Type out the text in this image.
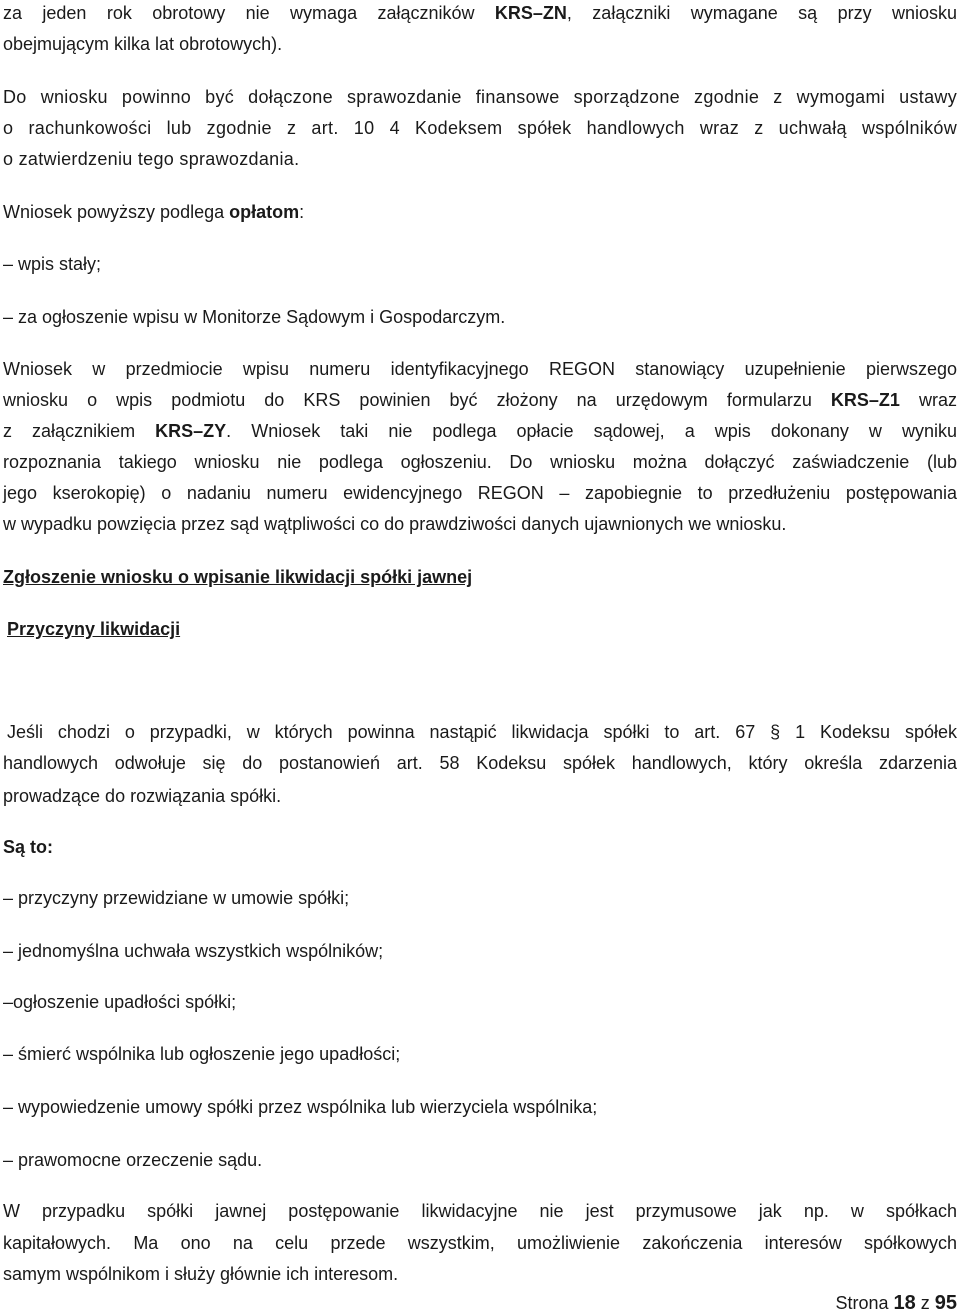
za jeden rok obrotowy nie wymaga załączników KRS–ZN, załączniki wymagane są przy wniosku
obejmującym kilka lat obrotowych).
Do wniosku powinno być dołączone sprawozdanie finansowe sporządzone zgodnie z wymogami ustawy
o rachunkowości lub zgodnie z art. 10 4 Kodeksem spółek handlowych wraz z uchwałą wspólników
o zatwierdzeniu tego sprawozdania.
Wniosek powyższy podlega opłatom:
– wpis stały;
– za ogłoszenie wpisu w Monitorze Sądowym i Gospodarczym.
Wniosek w przedmiocie wpisu numeru identyfikacyjnego REGON stanowiący uzupełnienie pierwszego
wniosku o wpis podmiotu do KRS powinien być złożony na urzędowym formularzu KRS–Z1 wraz
z załącznikiem KRS–ZY. Wniosek taki nie podlega opłacie sądowej, a wpis dokonany w wyniku
rozpoznania takiego wniosku nie podlega ogłoszeniu. Do wniosku można dołączyć zaświadczenie (lub
jego kserokopię) o nadaniu numeru ewidencyjnego REGON – zapobiegnie to przedłużeniu postępowania
w wypadku powzięcia przez sąd wątpliwości co do prawdziwości danych ujawnionych we wniosku.
Zgłoszenie wniosku o wpisanie likwidacji spółki jawnej
Przyczyny likwidacji
Jeśli chodzi o przypadki, w których powinna nastąpić likwidacja spółki to art. 67 § 1 Kodeksu spółek
handlowych odwołuje się do postanowień art. 58 Kodeksu spółek handlowych, który określa zdarzenia
prowadzące do rozwiązania spółki.
Są to:
– przyczyny przewidziane w umowie spółki;
– jednomyślna uchwała wszystkich wspólników;
–ogłoszenie upadłości spółki;
– śmierć wspólnika lub ogłoszenie jego upadłości;
– wypowiedzenie umowy spółki przez wspólnika lub wierzyciela wspólnika;
– prawomocne orzeczenie sądu.
W przypadku spółki jawnej postępowanie likwidacyjne nie jest przymusowe jak np. w spółkach
kapitałowych. Ma ono na celu przede wszystkim, umożliwienie zakończenia interesów spółkowych
samym wspólnikom i służy głównie ich interesom.
Strona 18 z 95
